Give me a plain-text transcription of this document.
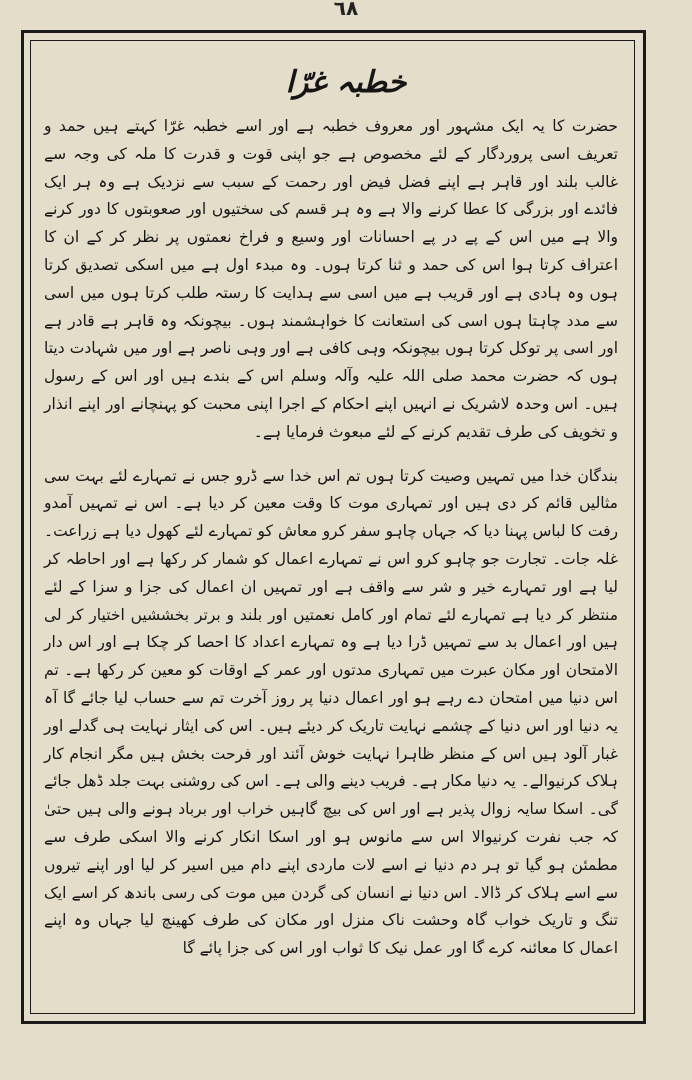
٦٨
خطبہ غرّا

حضرت کا یہ ایک مشہور اور معروف خطبہ ہے اور اسے خطبہ غرّا کہتے ہیں حمد و تعریف اسی پروردگار کے لئے مخصوص ہے جو اپنی قوت و قدرت کا ملہ کی وجہ سے غالب بلند اور قاہر ہے اپنے فضل فیض اور رحمت کے سبب سے نزدیک ہے وہ ہر ایک فائدے اور بزرگی کا عطا کرنے والا ہے وہ ہر قسم کی سختیوں اور صعوبتوں کا دور کرنے والا ہے میں اس کے پے در پے احسانات اور وسیع و فراخ نعمتوں پر نظر کر کے ان کا اعتراف کرتا ہوا اس کی حمد و ثنا کرتا ہوں۔ وہ مبدء اول ہے میں اسکی تصدیق کرتا ہوں وہ ہادی ہے اور قریب ہے میں اسی سے ہدایت کا رستہ طلب کرتا ہوں میں اسی سے مدد چاہتا ہوں اسی کی استعانت کا خواہشمند ہوں۔ بیچونکہ وہ قاہر ہے قادر ہے اور اسی پر توکل کرتا ہوں بیچونکہ وہی کافی ہے اور وہی ناصر ہے اور میں شہادت دیتا ہوں کہ حضرت محمد صلی اللہ علیہ وآلہ وسلم اس کے بندے ہیں اور اس کے رسول ہیں۔ اس وحدہ لاشریک نے انہیں اپنے احکام کے اجرا اپنی محبت کو پہنچانے اور اپنے انذار و تخویف کی طرف تقدیم کرنے کے لئے مبعوث فرمایا ہے۔

بندگان خدا میں تمہیں وصیت کرتا ہوں تم اس خدا سے ڈرو جس نے تمہارے لئے بہت سی مثالیں قائم کر دی ہیں اور تمہاری موت کا وقت معین کر دیا ہے۔ اس نے تمہیں آمدو رفت کا لباس پہنا دیا کہ جہاں چاہو سفر کرو معاش کو تمہارے لئے کھول دیا ہے زراعت۔ غلہ جات۔ تجارت جو چاہو کرو اس نے تمہارے اعمال کو شمار کر رکھا ہے اور احاطہ کر لیا ہے اور تمہارے خیر و شر سے واقف ہے اور تمہیں ان اعمال کی جزا و سزا کے لئے منتظر کر دیا ہے تمہارے لئے تمام اور کامل نعمتیں اور بلند و برتر بخششیں اختیار کر لی ہیں اور اعمال بد سے تمہیں ڈرا دیا ہے وہ تمہارے اعداد کا احصا کر چکا ہے اور اس دار الامتحان اور مکان عبرت میں تمہاری مدتوں اور عمر کے اوقات کو معین کر رکھا ہے۔ تم اس دنیا میں امتحان دے رہے ہو اور اعمال دنیا پر روز آخرت تم سے حساب لیا جائے گا آہ یہ دنیا اور اس دنیا کے چشمے نہایت تاریک کر دیئے ہیں۔ اس کی ایثار نہایت ہی گدلے اور غبار آلود ہیں اس کے منظر ظاہرا نہایت خوش آئند اور فرحت بخش ہیں مگر انجام کار ہلاک کرنیوالے۔ یہ دنیا مکار ہے۔ فریب دینے والی ہے۔ اس کی روشنی بہت جلد ڈھل جائے گی۔ اسکا سایہ زوال پذیر ہے اور اس کی بیچ گاہیں خراب اور برباد ہونے والی ہیں حتیٰ کہ جب نفرت کرنیوالا اس سے مانوس ہو اور اسکا انکار کرنے والا اسکی طرف سے مطمئن ہو گیا تو ہر دم دنیا نے اسے لات ماردی اپنے دام میں اسیر کر لیا اور اپنے تیروں سے اسے ہلاک کر ڈالا۔ اس دنیا نے انسان کی گردن میں موت کی رسی باندھ کر اسے ایک تنگ و تاریک خواب گاہ وحشت ناک منزل اور مکان کی طرف کھینچ لیا جہاں وہ اپنے اعمال کا معائنہ کرے گا اور عمل نیک کا ثواب اور اس کی جزا پائے گا
